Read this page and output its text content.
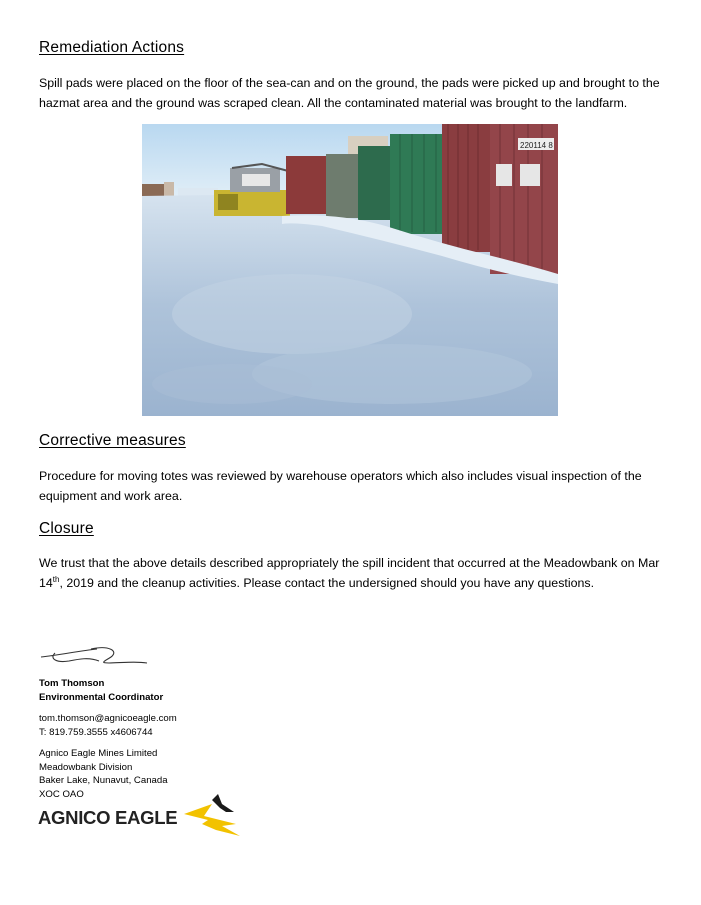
Remediation Actions

Spill pads were placed on the floor of the sea-can and on the ground, the pads were picked up and brought to the hazmat area and the ground was scraped clean. All the contaminated material was brought to the landfarm.

220114 8
Corrective measures

Procedure for moving totes was reviewed by warehouse operators which also includes visual inspection of the equipment and work area.

Closure

We trust that the above details described appropriately the spill incident that occurred at the Meadowbank on Mar 14th, 2019 and the cleanup activities. Please contact the undersigned should you have any questions.

Tom Thomson

Environmental Coordinator

tom.thomson@agnicoeagle.com

T: 819.759.3555 x4606744

Agnico Eagle Mines Limited

Meadowbank Division

Baker Lake, Nunavut, Canada

XOC OAO

AGNICO EAGLE
